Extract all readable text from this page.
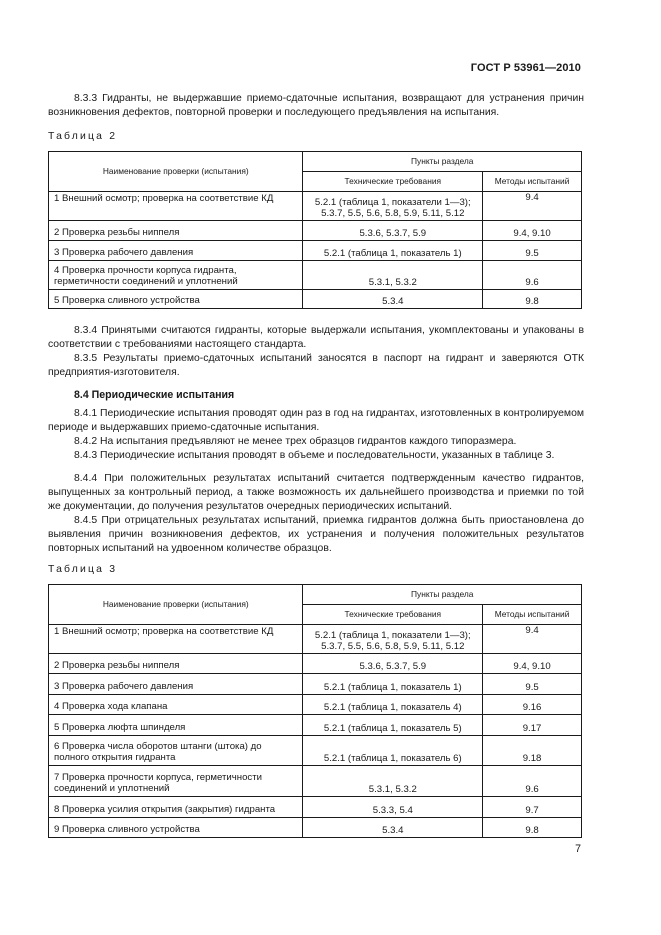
ГОСТ Р 53961—2010
8.3.3 Гидранты, не выдержавшие приемо-сдаточные испытания, возвращают для устранения причин возникновения дефектов, повторной проверки и последующего предъявления на испытания.
Таблица 2
Наименование проверки (испытания)	Пункты раздела	
	Технические требования	Методы испытаний
1 Внешний осмотр; проверка на соответствие КД	5.2.1 (таблица 1, показатели 1—3); 5.3.7, 5.5, 5.6, 5.8, 5.9, 5.11, 5.12	9.4
2 Проверка резьбы ниппеля	5.3.6, 5.3.7, 5.9	9.4, 9.10
3 Проверка рабочего давления	5.2.1 (таблица 1, показатель 1)	9.5
4 Проверка прочности корпуса гидранта, герметичности соединений и уплотнений	5.3.1, 5.3.2	9.6
5 Проверка сливного устройства	5.3.4	9.8
8.3.4 Принятыми считаются гидранты, которые выдержали испытания, укомплектованы и упакованы в соответствии с требованиями настоящего стандарта.
8.3.5 Результаты приемо-сдаточных испытаний заносятся в паспорт на гидрант и заверяются ОТК предприятия-изготовителя.
8.4 Периодические испытания
8.4.1 Периодические испытания проводят один раз в год на гидрантах, изготовленных в контролируемом периоде и выдержавших приемо-сдаточные испытания.
8.4.2 На испытания предъявляют не менее трех образцов гидрантов каждого типоразмера.
8.4.3 Периодические испытания проводят в объеме и последовательности, указанных в таблице 3.
8.4.4 При положительных результатах испытаний считается подтвержденным качество гидрантов, выпущенных за контрольный период, а также возможность их дальнейшего производства и приемки по той же документации, до получения результатов очередных периодических испытаний.
8.4.5 При отрицательных результатах испытаний, приемка гидрантов должна быть приостановлена до выявления причин возникновения дефектов, их устранения и получения положительных результатов повторных испытаний на удвоенном количестве образцов.
Таблица 3
Наименование проверки (испытания)	Пункты раздела	
	Технические требования	Методы испытаний
1 Внешний осмотр; проверка на соответствие КД	5.2.1 (таблица 1, показатели 1—3); 5.3.7, 5.5, 5.6, 5.8, 5.9, 5.11, 5.12	9.4
2 Проверка резьбы ниппеля	5.3.6, 5.3.7, 5.9	9.4, 9.10
3 Проверка рабочего давления	5.2.1 (таблица 1, показатель 1)	9.5
4 Проверка хода клапана	5.2.1 (таблица 1, показатель 4)	9.16
5 Проверка люфта шпинделя	5.2.1 (таблица 1, показатель 5)	9.17
6 Проверка числа оборотов штанги (штока) до полного открытия гидранта	5.2.1 (таблица 1, показатель 6)	9.18
7 Проверка прочности корпуса, герметичности соединений и уплотнений	5.3.1, 5.3.2	9.6
8 Проверка усилия открытия (закрытия) гидранта	5.3.3, 5.4	9.7
9 Проверка сливного устройства	5.3.4	9.8
7
